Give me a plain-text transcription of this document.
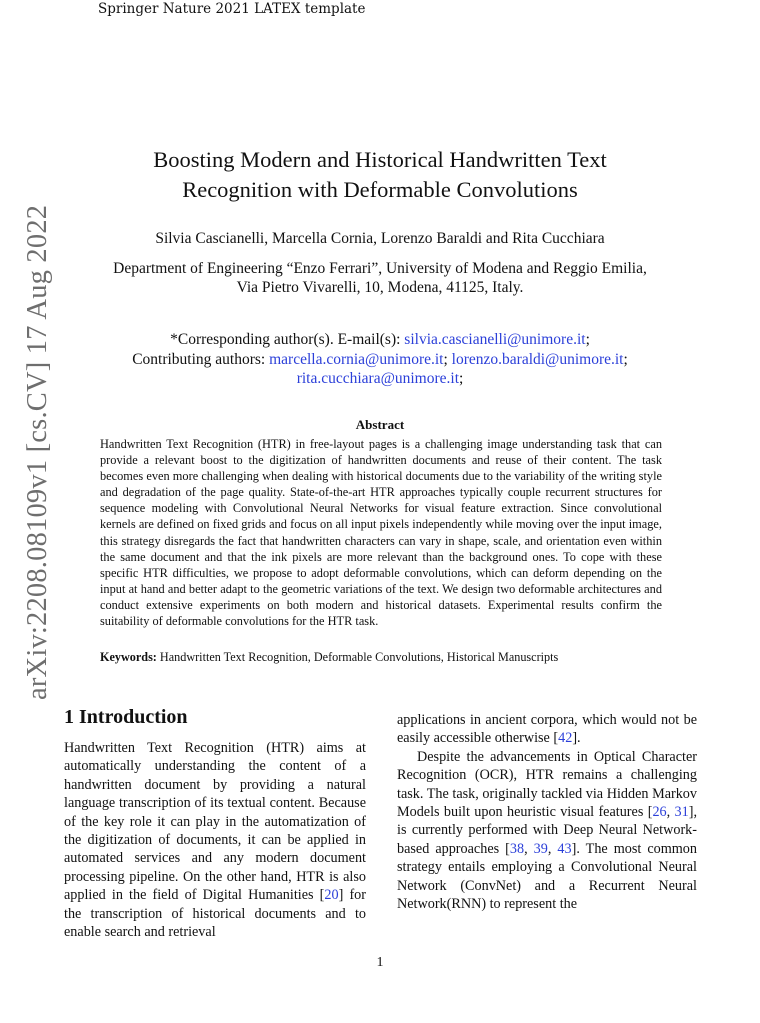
Springer Nature 2021 LATEX template
arXiv:2208.08109v1 [cs.CV] 17 Aug 2022
Boosting Modern and Historical Handwritten Text
Recognition with Deformable Convolutions
Silvia Cascianelli, Marcella Cornia, Lorenzo Baraldi and Rita Cucchiara
Department of Engineering “Enzo Ferrari”, University of Modena and Reggio Emilia,
Via Pietro Vivarelli, 10, Modena, 41125, Italy.
*Corresponding author(s). E-mail(s): silvia.cascianelli@unimore.it;
Contributing authors: marcella.cornia@unimore.it; lorenzo.baraldi@unimore.it;
rita.cucchiara@unimore.it;
Abstract
Handwritten Text Recognition (HTR) in free-layout pages is a challenging image understanding task that can provide a relevant boost to the digitization of handwritten documents and reuse of their content. The task becomes even more challenging when dealing with historical documents due to the variability of the writing style and degradation of the page quality. State-of-the-art HTR approaches typically couple recurrent structures for sequence modeling with Convolutional Neural Networks for visual feature extraction. Since convolutional kernels are defined on fixed grids and focus on all input pixels independently while moving over the input image, this strategy disregards the fact that handwritten characters can vary in shape, scale, and orientation even within the same document and that the ink pixels are more relevant than the background ones. To cope with these specific HTR difficulties, we propose to adopt deformable convolutions, which can deform depending on the input at hand and better adapt to the geometric variations of the text. We design two deformable architectures and conduct extensive experiments on both modern and historical datasets. Experimental results confirm the suitability of deformable convolutions for the HTR task.
Keywords: Handwritten Text Recognition, Deformable Convolutions, Historical Manuscripts
1 Introduction

Handwritten Text Recognition (HTR) aims at automatically understanding the content of a handwritten document by providing a natural language transcription of its textual content. Because of the key role it can play in the automatization of the digitization of documents, it can be applied in automated services and any modern document processing pipeline. On the other hand, HTR is also applied in the field of Digital Humanities [20] for the transcription of historical documents and to enable search and retrieval

applications in ancient corpora, which would not be easily accessible otherwise [42].

Despite the advancements in Optical Character Recognition (OCR), HTR remains a challenging task. The task, originally tackled via Hidden Markov Models built upon heuristic visual features [26, 31], is currently performed with Deep Neural Network-based approaches [38, 39, 43]. The most common strategy entails employing a Convolutional Neural Network (ConvNet) and a Recurrent Neural Network(RNN) to represent the

1
